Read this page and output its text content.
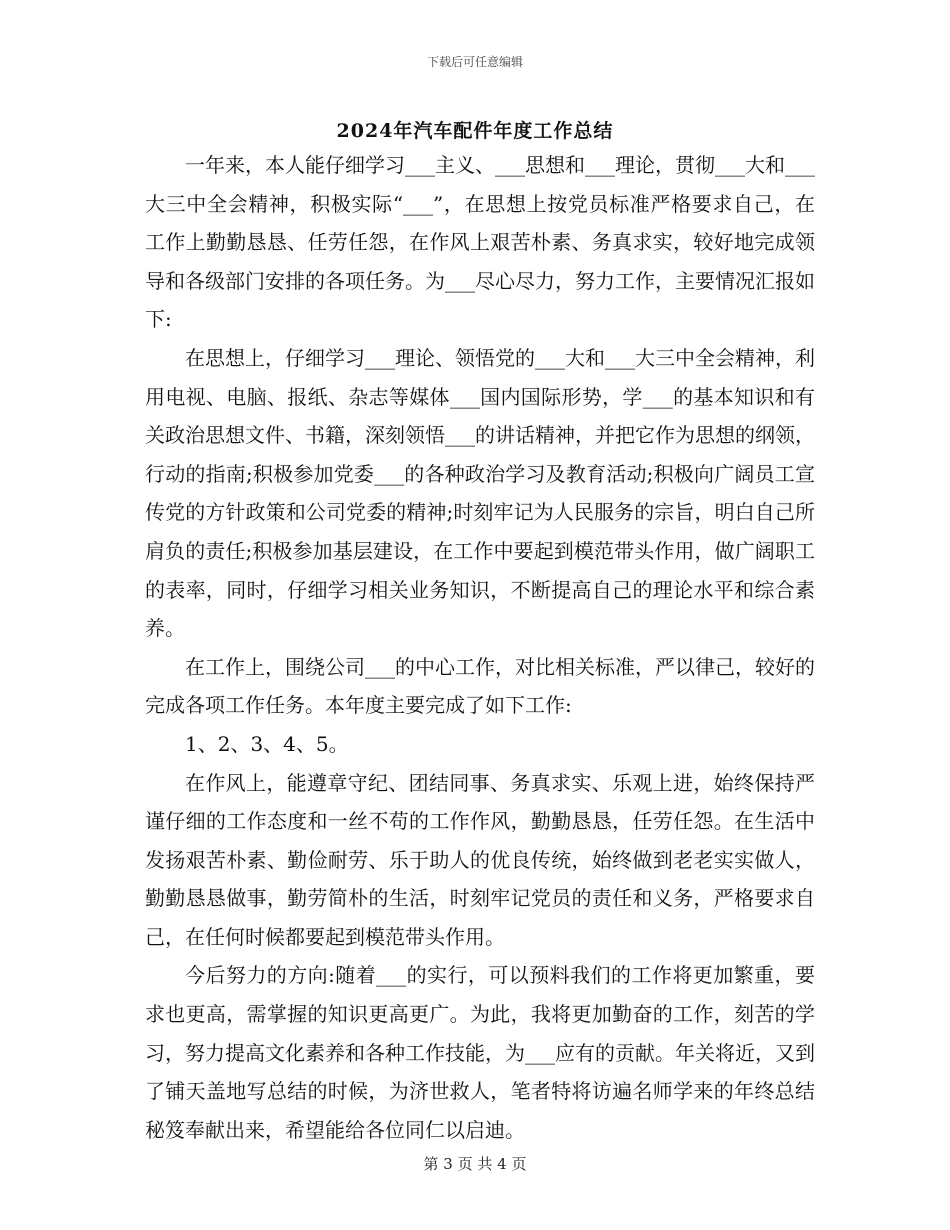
下载后可任意编辑
2024年汽车配件年度工作总结

一年来，本人能仔细学习___主义、___思想和___理论，贯彻___大和___大三中全会精神，积极实际“___”，在思想上按党员标准严格要求自己，在工作上勤勤恳恳、任劳任怨，在作风上艰苦朴素、务真求实，较好地完成领导和各级部门安排的各项任务。为___尽心尽力，努力工作，主要情况汇报如下:

在思想上，仔细学习___理论、领悟党的___大和___大三中全会精神，利用电视、电脑、报纸、杂志等媒体___国内国际形势，学___的基本知识和有关政治思想文件、书籍，深刻领悟___的讲话精神，并把它作为思想的纲领，行动的指南;积极参加党委___的各种政治学习及教育活动;积极向广阔员工宣传党的方针政策和公司党委的精神;时刻牢记为人民服务的宗旨，明白自己所肩负的责任;积极参加基层建设，在工作中要起到模范带头作用，做广阔职工的表率，同时，仔细学习相关业务知识，不断提高自己的理论水平和综合素养。

在工作上，围绕公司___的中心工作，对比相关标准，严以律己，较好的完成各项工作任务。本年度主要完成了如下工作:

1、2、3、4、5。

在作风上，能遵章守纪、团结同事、务真求实、乐观上进，始终保持严谨仔细的工作态度和一丝不苟的工作作风，勤勤恳恳，任劳任怨。在生活中发扬艰苦朴素、勤俭耐劳、乐于助人的优良传统，始终做到老老实实做人，勤勤恳恳做事，勤劳简朴的生活，时刻牢记党员的责任和义务，严格要求自己，在任何时候都要起到模范带头作用。

今后努力的方向:随着___的实行，可以预料我们的工作将更加繁重，要求也更高，需掌握的知识更高更广。为此，我将更加勤奋的工作，刻苦的学习，努力提高文化素养和各种工作技能，为___应有的贡献。年关将近，又到了铺天盖地写总结的时候，为济世救人，笔者特将访遍名师学来的年终总结秘笈奉献出来，希望能给各位同仁以启迪。

第 3 页 共 4 页
